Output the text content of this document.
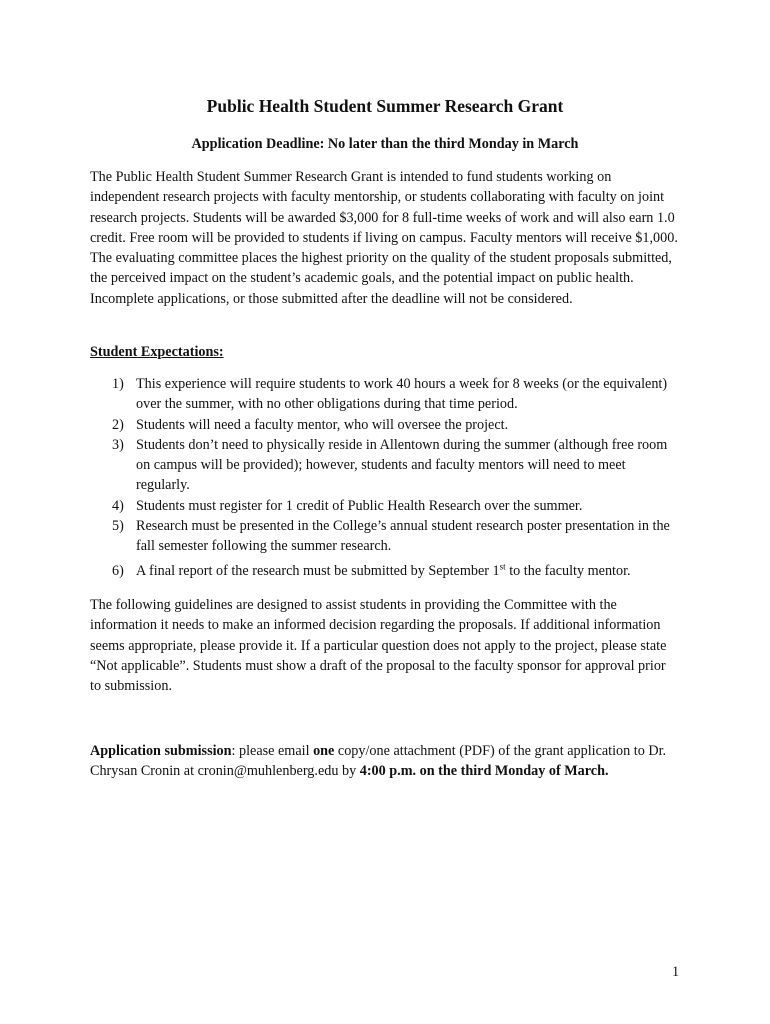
Public Health Student Summer Research Grant
Application Deadline: No later than the third Monday in March

The Public Health Student Summer Research Grant is intended to fund students working on independent research projects with faculty mentorship, or students collaborating with faculty on joint research projects. Students will be awarded $3,000 for 8 full-time weeks of work and will also earn 1.0 credit. Free room will be provided to students if living on campus. Faculty mentors will receive $1,000. The evaluating committee places the highest priority on the quality of the student proposals submitted, the perceived impact on the student’s academic goals, and the potential impact on public health. Incomplete applications, or those submitted after the deadline will not be considered.

Student Expectations:
1) This experience will require students to work 40 hours a week for 8 weeks (or the equivalent) over the summer, with no other obligations during that time period.
2) Students will need a faculty mentor, who will oversee the project.
3) Students don’t need to physically reside in Allentown during the summer (although free room on campus will be provided); however, students and faculty mentors will need to meet regularly.
4) Students must register for 1 credit of Public Health Research over the summer.
5) Research must be presented in the College’s annual student research poster presentation in the fall semester following the summer research.
6) A final report of the research must be submitted by September 1st to the faculty mentor.

The following guidelines are designed to assist students in providing the Committee with the information it needs to make an informed decision regarding the proposals. If additional information seems appropriate, please provide it. If a particular question does not apply to the project, please state “Not applicable”. Students must show a draft of the proposal to the faculty sponsor for approval prior to submission.

Application submission: please email one copy/one attachment (PDF) of the grant application to Dr. Chrysan Cronin at cronin@muhlenberg.edu by 4:00 p.m. on the third Monday of March.

1
